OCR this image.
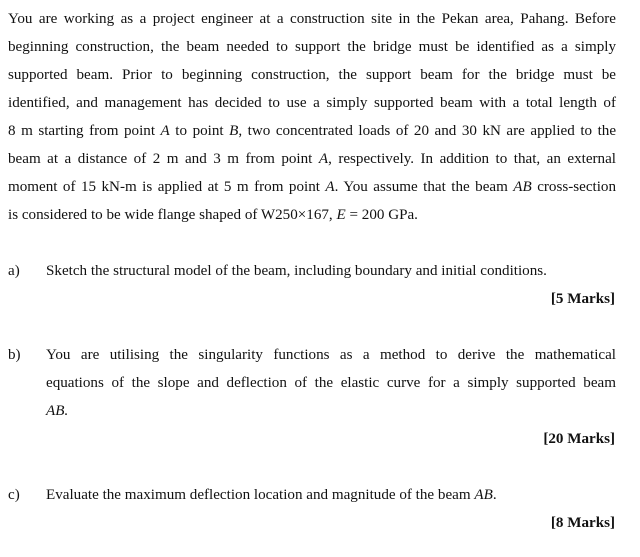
You are working as a project engineer at a construction site in the Pekan area, Pahang. Before
beginning construction, the beam needed to support the bridge must be identified as a simply
supported beam. Prior to beginning construction, the support beam for the bridge must be
identified, and management has decided to use a simply supported beam with a total length of
8 m starting from point A to point B, two concentrated loads of 20 and 30 kN are applied to the
beam at a distance of 2 m and 3 m from point A, respectively. In addition to that, an external
moment of 15 kN-m is applied at 5 m from point A. You assume that the beam AB cross-section
is considered to be wide flange shaped of W250×167, E = 200 GPa.
a) Sketch the structural model of the beam, including boundary and initial conditions.
[5 Marks]
b) You are utilising the singularity functions as a method to derive the mathematical
equations of the slope and deflection of the elastic curve for a simply supported beam
AB.
[20 Marks]
c) Evaluate the maximum deflection location and magnitude of the beam AB.
[8 Marks]
